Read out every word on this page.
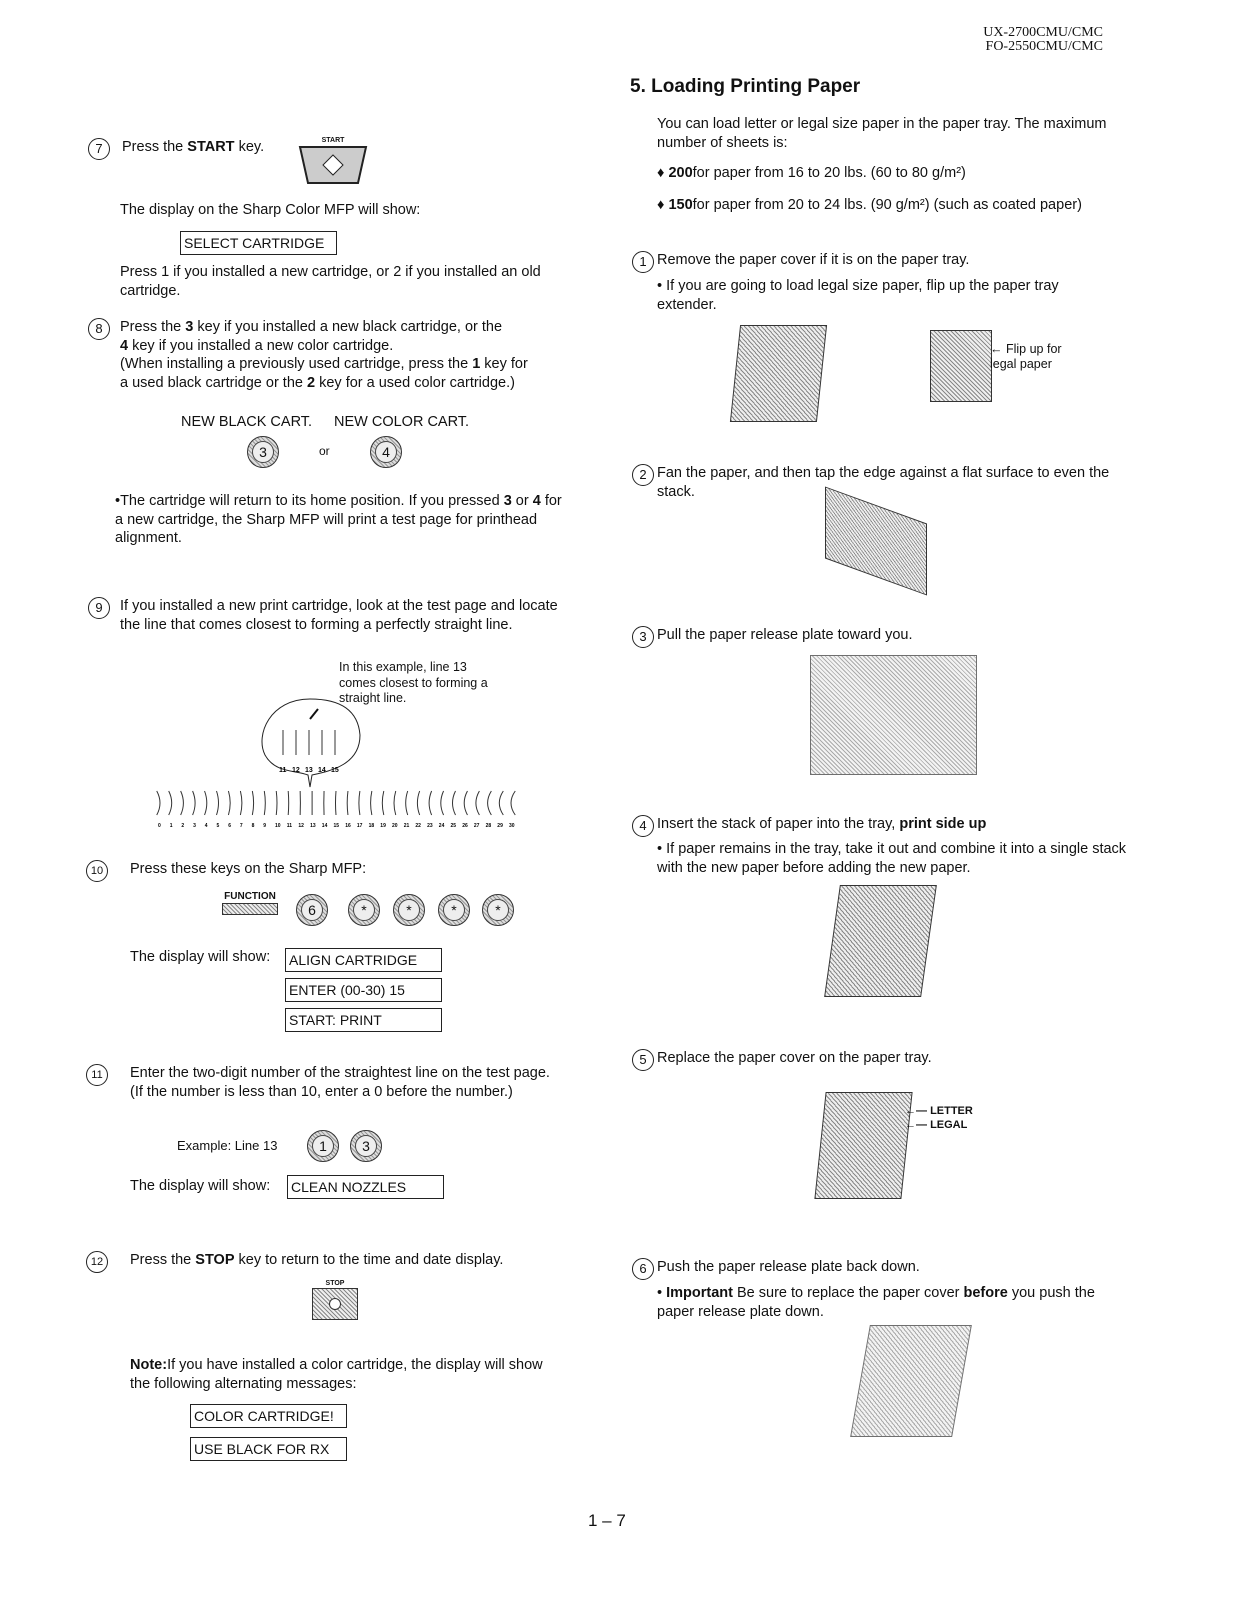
UX-2700CMU/CMC
FO-2550CMU/CMC
7	Press the START key.	START
The display on the Sharp Color MFP will show:
SELECT CARTRIDGE
Press 1 if you installed a new cartridge, or 2 if you installed an old cartridge.
8	Press the 3 key if you installed a new black cartridge, or the
4 key if you installed a new color cartridge.
(When installing a previously used cartridge, press the 1 key for
a used black cartridge or the 2 key for a used color cartridge.)
NEW BLACK CART. NEW COLOR CART.
3	or	4
•The cartridge will return to its home position. If you pressed 3 or 4 for a new cartridge, the Sharp MFP will print a test page for printhead alignment.
9	If you installed a new print cartridge, look at the test page and locate the line that comes closest to forming a perfectly straight line.
In this example, line 13 comes closest to forming a straight line.
11 12 13 14 15
0 1 2 3 4 5 6 7 8 9 10 11 12 13 14 15 16 17 18 19 20 21 22 23 24 25 26 27 28 29 30
10	Press these keys on the Sharp MFP:
FUNCTION
6	*	*	*	*
The display will show: ALIGN CARTRIDGE
ENTER (00-30) 15
START: PRINT
11	Enter the two-digit number of the straightest line on the test page. (If the number is less than 10, enter a 0 before the number.)
Example: Line 13	1	3
The display will show: CLEAN NOZZLES
12	Press the STOP key to return to the time and date display.
STOP
Note:If you have installed a color cartridge, the display will show the following alternating messages:
COLOR CARTRIDGE!
USE BLACK FOR RX
5. Loading Printing Paper
You can load letter or legal size paper in the paper tray. The maximum number of sheets is:
♦ 200for paper from 16 to 20 lbs. (60 to 80 g/m²)
♦ 150for paper from 20 to 24 lbs. (90 g/m²) (such as coated paper)
1 Remove the paper cover if it is on the paper tray.
• If you are going to load legal size paper, flip up the paper tray extender.
← Flip up for legal paper
2 Fan the paper, and then tap the edge against a flat surface to even the stack.
3 Pull the paper release plate toward you.
4 Insert the stack of paper into the tray, print side up
• If paper remains in the tray, take it out and combine it into a single stack with the new paper before adding the new paper.
5 Replace the paper cover on the paper tray.
←— LETTER
←— LEGAL
6 Push the paper release plate back down.
• Important Be sure to replace the paper cover before you push the paper release plate down.
1 – 7
